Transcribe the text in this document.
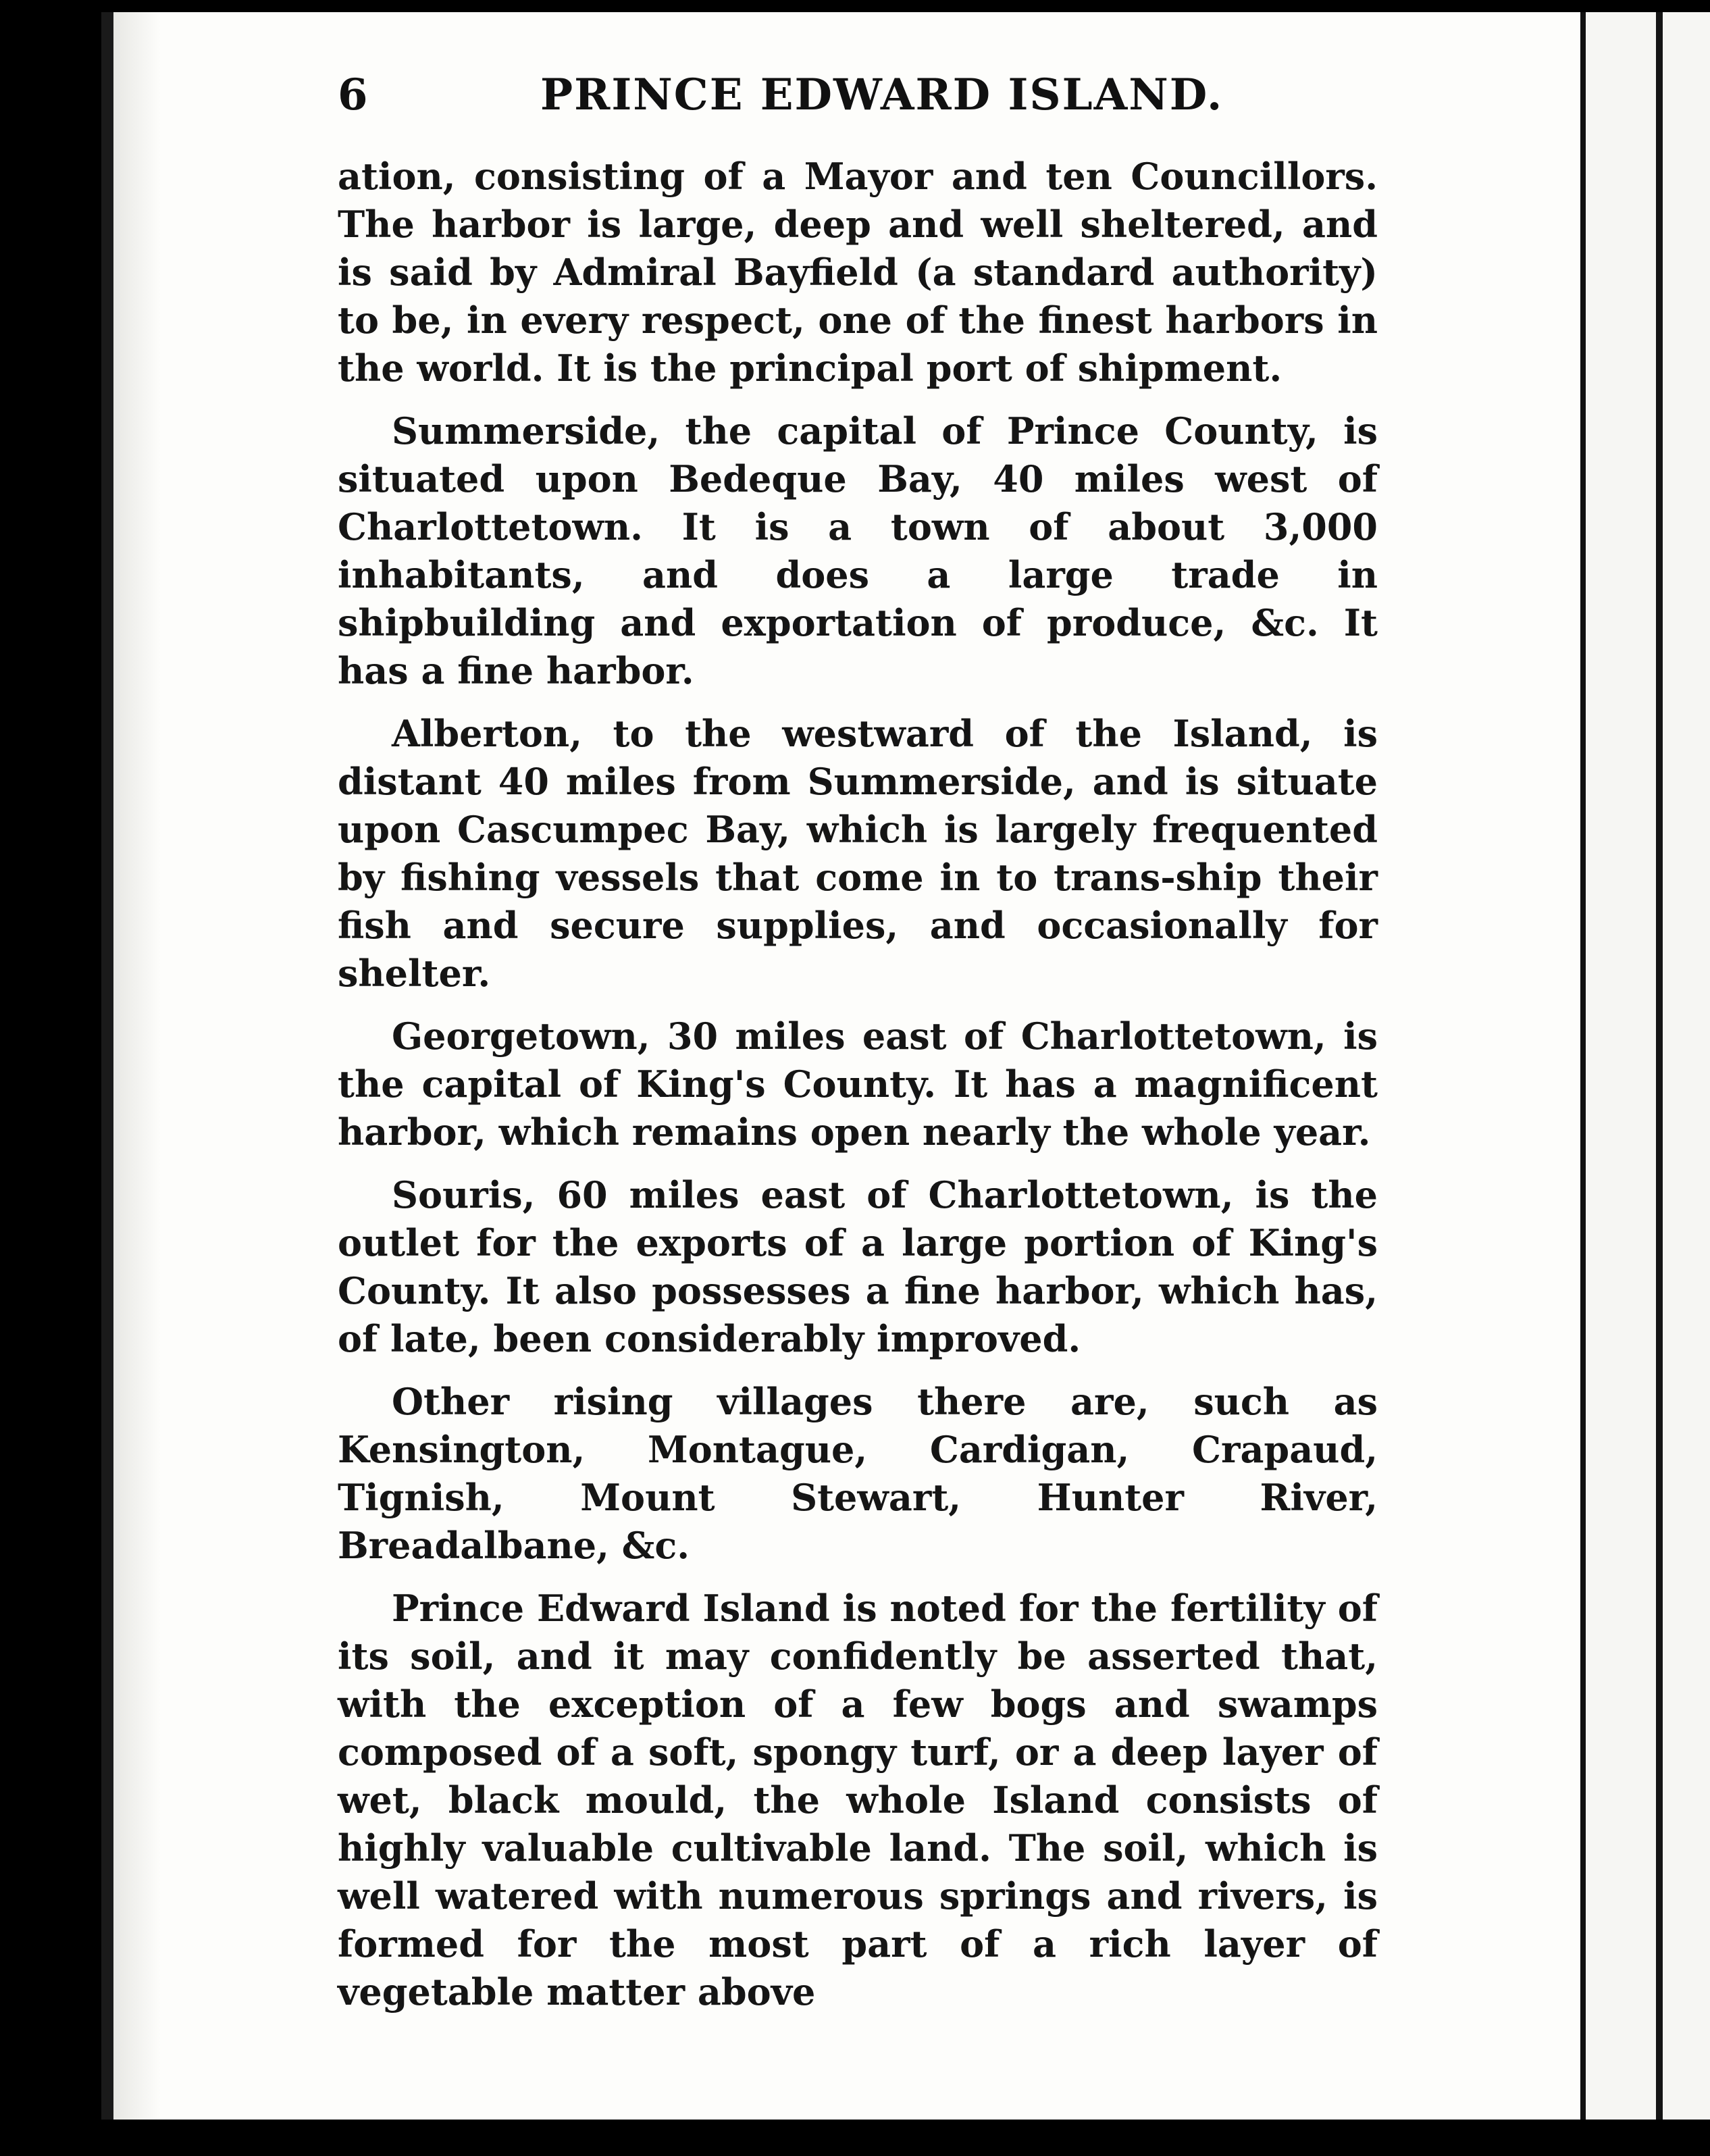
6	PRINCE EDWARD ISLAND.

ation, consisting of a Mayor and ten Councillors. The harbor is large, deep and well sheltered, and is said by Admiral Bayfield (a standard authority) to be, in every respect, one of the finest harbors in the world. It is the principal port of shipment.

Summerside, the capital of Prince County, is situated upon Bedeque Bay, 40 miles west of Charlottetown. It is a town of about 3,000 inhabitants, and does a large trade in shipbuilding and exportation of produce, &c. It has a fine harbor.

Alberton, to the westward of the Island, is distant 40 miles from Summerside, and is situate upon Cascumpec Bay, which is largely frequented by fishing vessels that come in to trans-ship their fish and secure supplies, and occasionally for shelter.

Georgetown, 30 miles east of Charlottetown, is the capital of King's County. It has a magnificent harbor, which remains open nearly the whole year.

Souris, 60 miles east of Charlottetown, is the outlet for the exports of a large portion of King's County. It also possesses a fine harbor, which has, of late, been considerably improved.

Other rising villages there are, such as Kensington, Montague, Cardigan, Crapaud, Tignish, Mount Stewart, Hunter River, Breadalbane, &c.

Prince Edward Island is noted for the fertility of its soil, and it may confidently be asserted that, with the exception of a few bogs and swamps composed of a soft, spongy turf, or a deep layer of wet, black mould, the whole Island consists of highly valuable cultivable land. The soil, which is well watered with numerous springs and rivers, is formed for the most part of a rich layer of vegetable matter above
